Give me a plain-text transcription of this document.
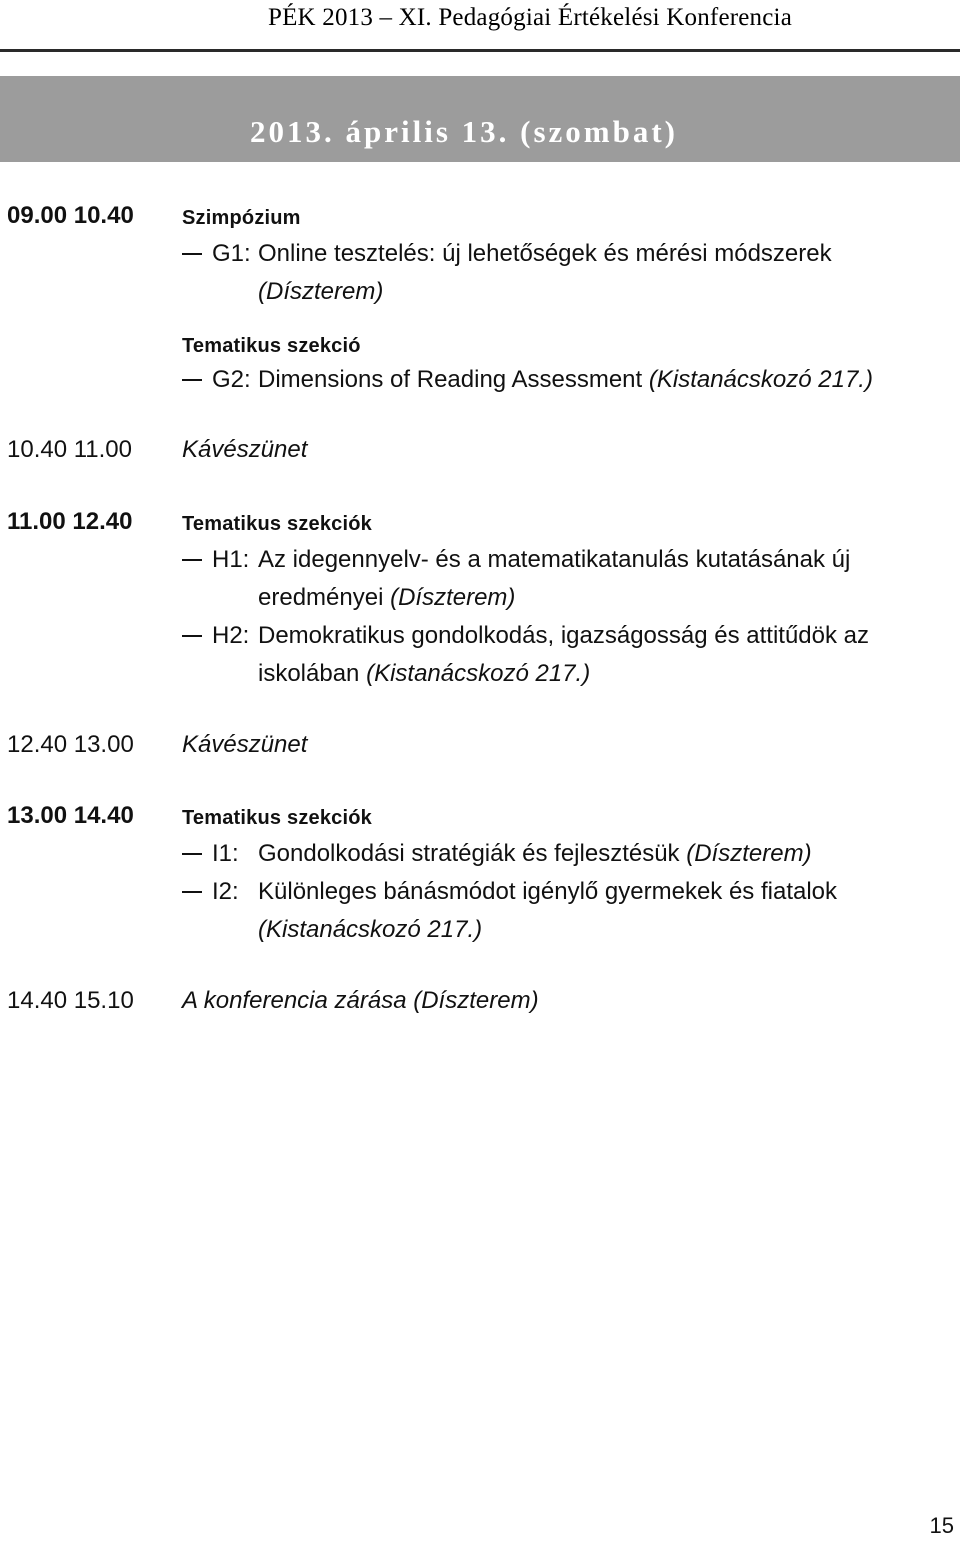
PÉK 2013 – XI. Pedagógiai Értékelési Konferencia
2013. április 13. (szombat)
09.00 10.40	Szimpózium
G1: Online tesztelés: új lehetőségek és mérési módszerek
(Díszterem)
Tematikus szekció
G2: Dimensions of Reading Assessment (Kistanácskozó 217.)
10.40 11.00	Kávészünet
11.00 12.40	Tematikus szekciók
H1: Az idegennyelv- és a matematikatanulás kutatásának új
eredményei (Díszterem)
H2: Demokratikus gondolkodás, igazságosság és attitűdök az
iskolában (Kistanácskozó 217.)
12.40 13.00	Kávészünet
13.00 14.40	Tematikus szekciók
I1: Gondolkodási stratégiák és fejlesztésük (Díszterem)
I2: Különleges bánásmódot igénylő gyermekek és fiatalok
(Kistanácskozó 217.)
14.40 15.10	A konferencia zárása (Díszterem)
15
